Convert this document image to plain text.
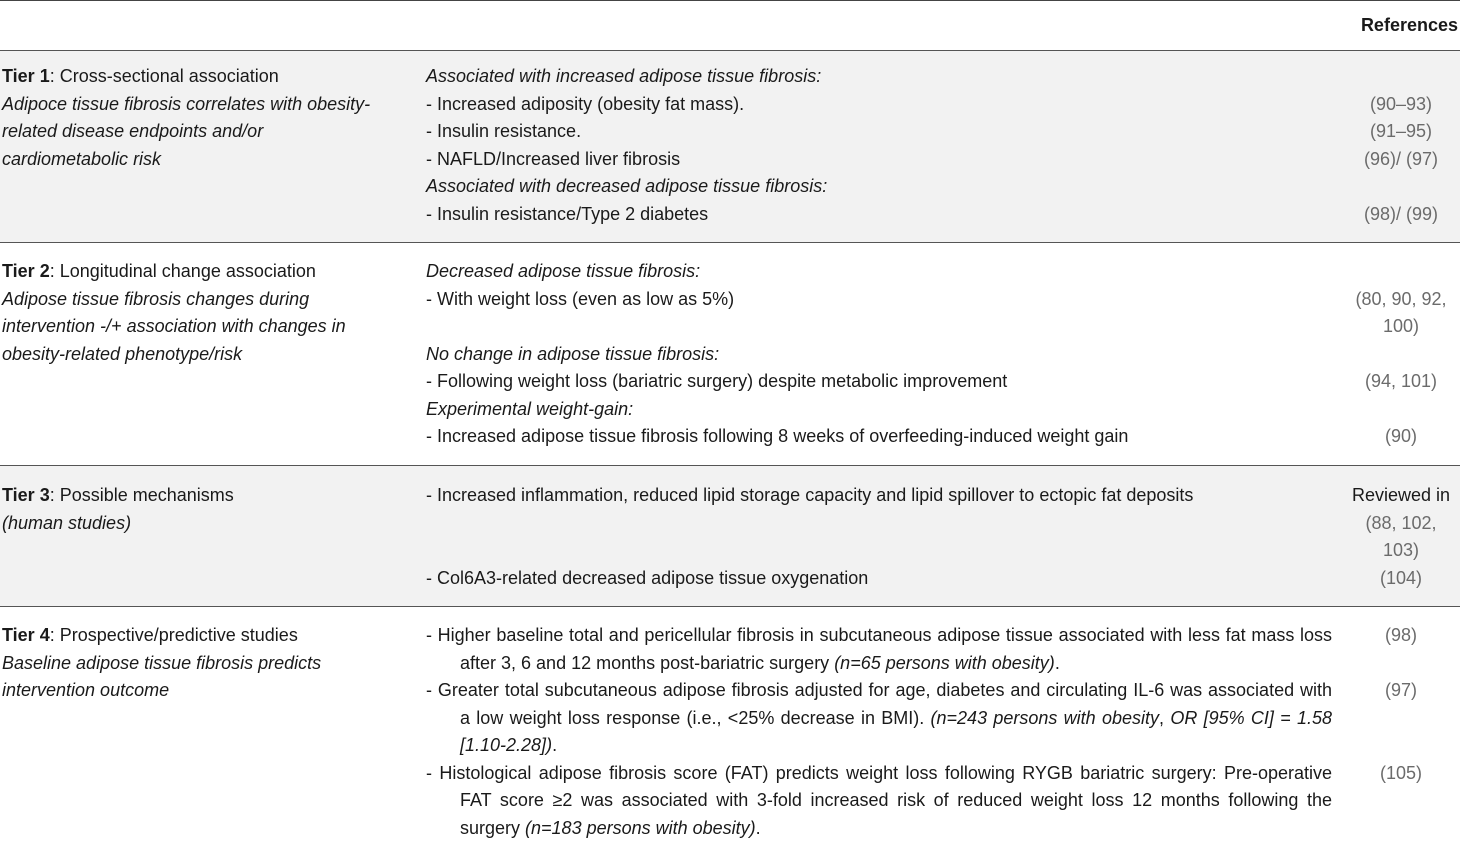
References
Tier 1: Cross-sectional association
Adipoce tissue fibrosis correlates with obesity-
related disease endpoints and/or
cardiometabolic risk
Associated with increased adipose tissue fibrosis:
- Increased adiposity (obesity fat mass).
- Insulin resistance.
- NAFLD/Increased liver fibrosis
Associated with decreased adipose tissue fibrosis:
- Insulin resistance/Type 2 diabetes
(90–93)
(91–95)
(96)/ (97)
(98)/ (99)
Tier 2: Longitudinal change association
Adipose tissue fibrosis changes during
intervention -/+ association with changes in
obesity-related phenotype/risk
Decreased adipose tissue fibrosis:
- With weight loss (even as low as 5%)
No change in adipose tissue fibrosis:
- Following weight loss (bariatric surgery) despite metabolic improvement
Experimental weight-gain:
- Increased adipose tissue fibrosis following 8 weeks of overfeeding-induced weight gain
(80, 90, 92,
100)
(94, 101)
(90)
Tier 3: Possible mechanisms
(human studies)
- Increased inflammation, reduced lipid storage capacity and lipid spillover to ectopic fat deposits
- Col6A3-related decreased adipose tissue oxygenation
Reviewed in
(88, 102,
103)
(104)
Tier 4: Prospective/predictive studies
Baseline adipose tissue fibrosis predicts
intervention outcome
- Higher baseline total and pericellular fibrosis in subcutaneous adipose tissue associated with less fat mass loss after 3, 6 and 12 months post-bariatric surgery (n=65 persons with obesity).
- Greater total subcutaneous adipose fibrosis adjusted for age, diabetes and circulating IL-6 was associated with a low weight loss response (i.e., <25% decrease in BMI). (n=243 persons with obesity, OR [95% CI] = 1.58 [1.10-2.28]).
- Histological adipose fibrosis score (FAT) predicts weight loss following RYGB bariatric surgery: Pre-operative FAT score ≥2 was associated with 3-fold increased risk of reduced weight loss 12 months following the surgery (n=183 persons with obesity).
(98)
(97)
(105)
